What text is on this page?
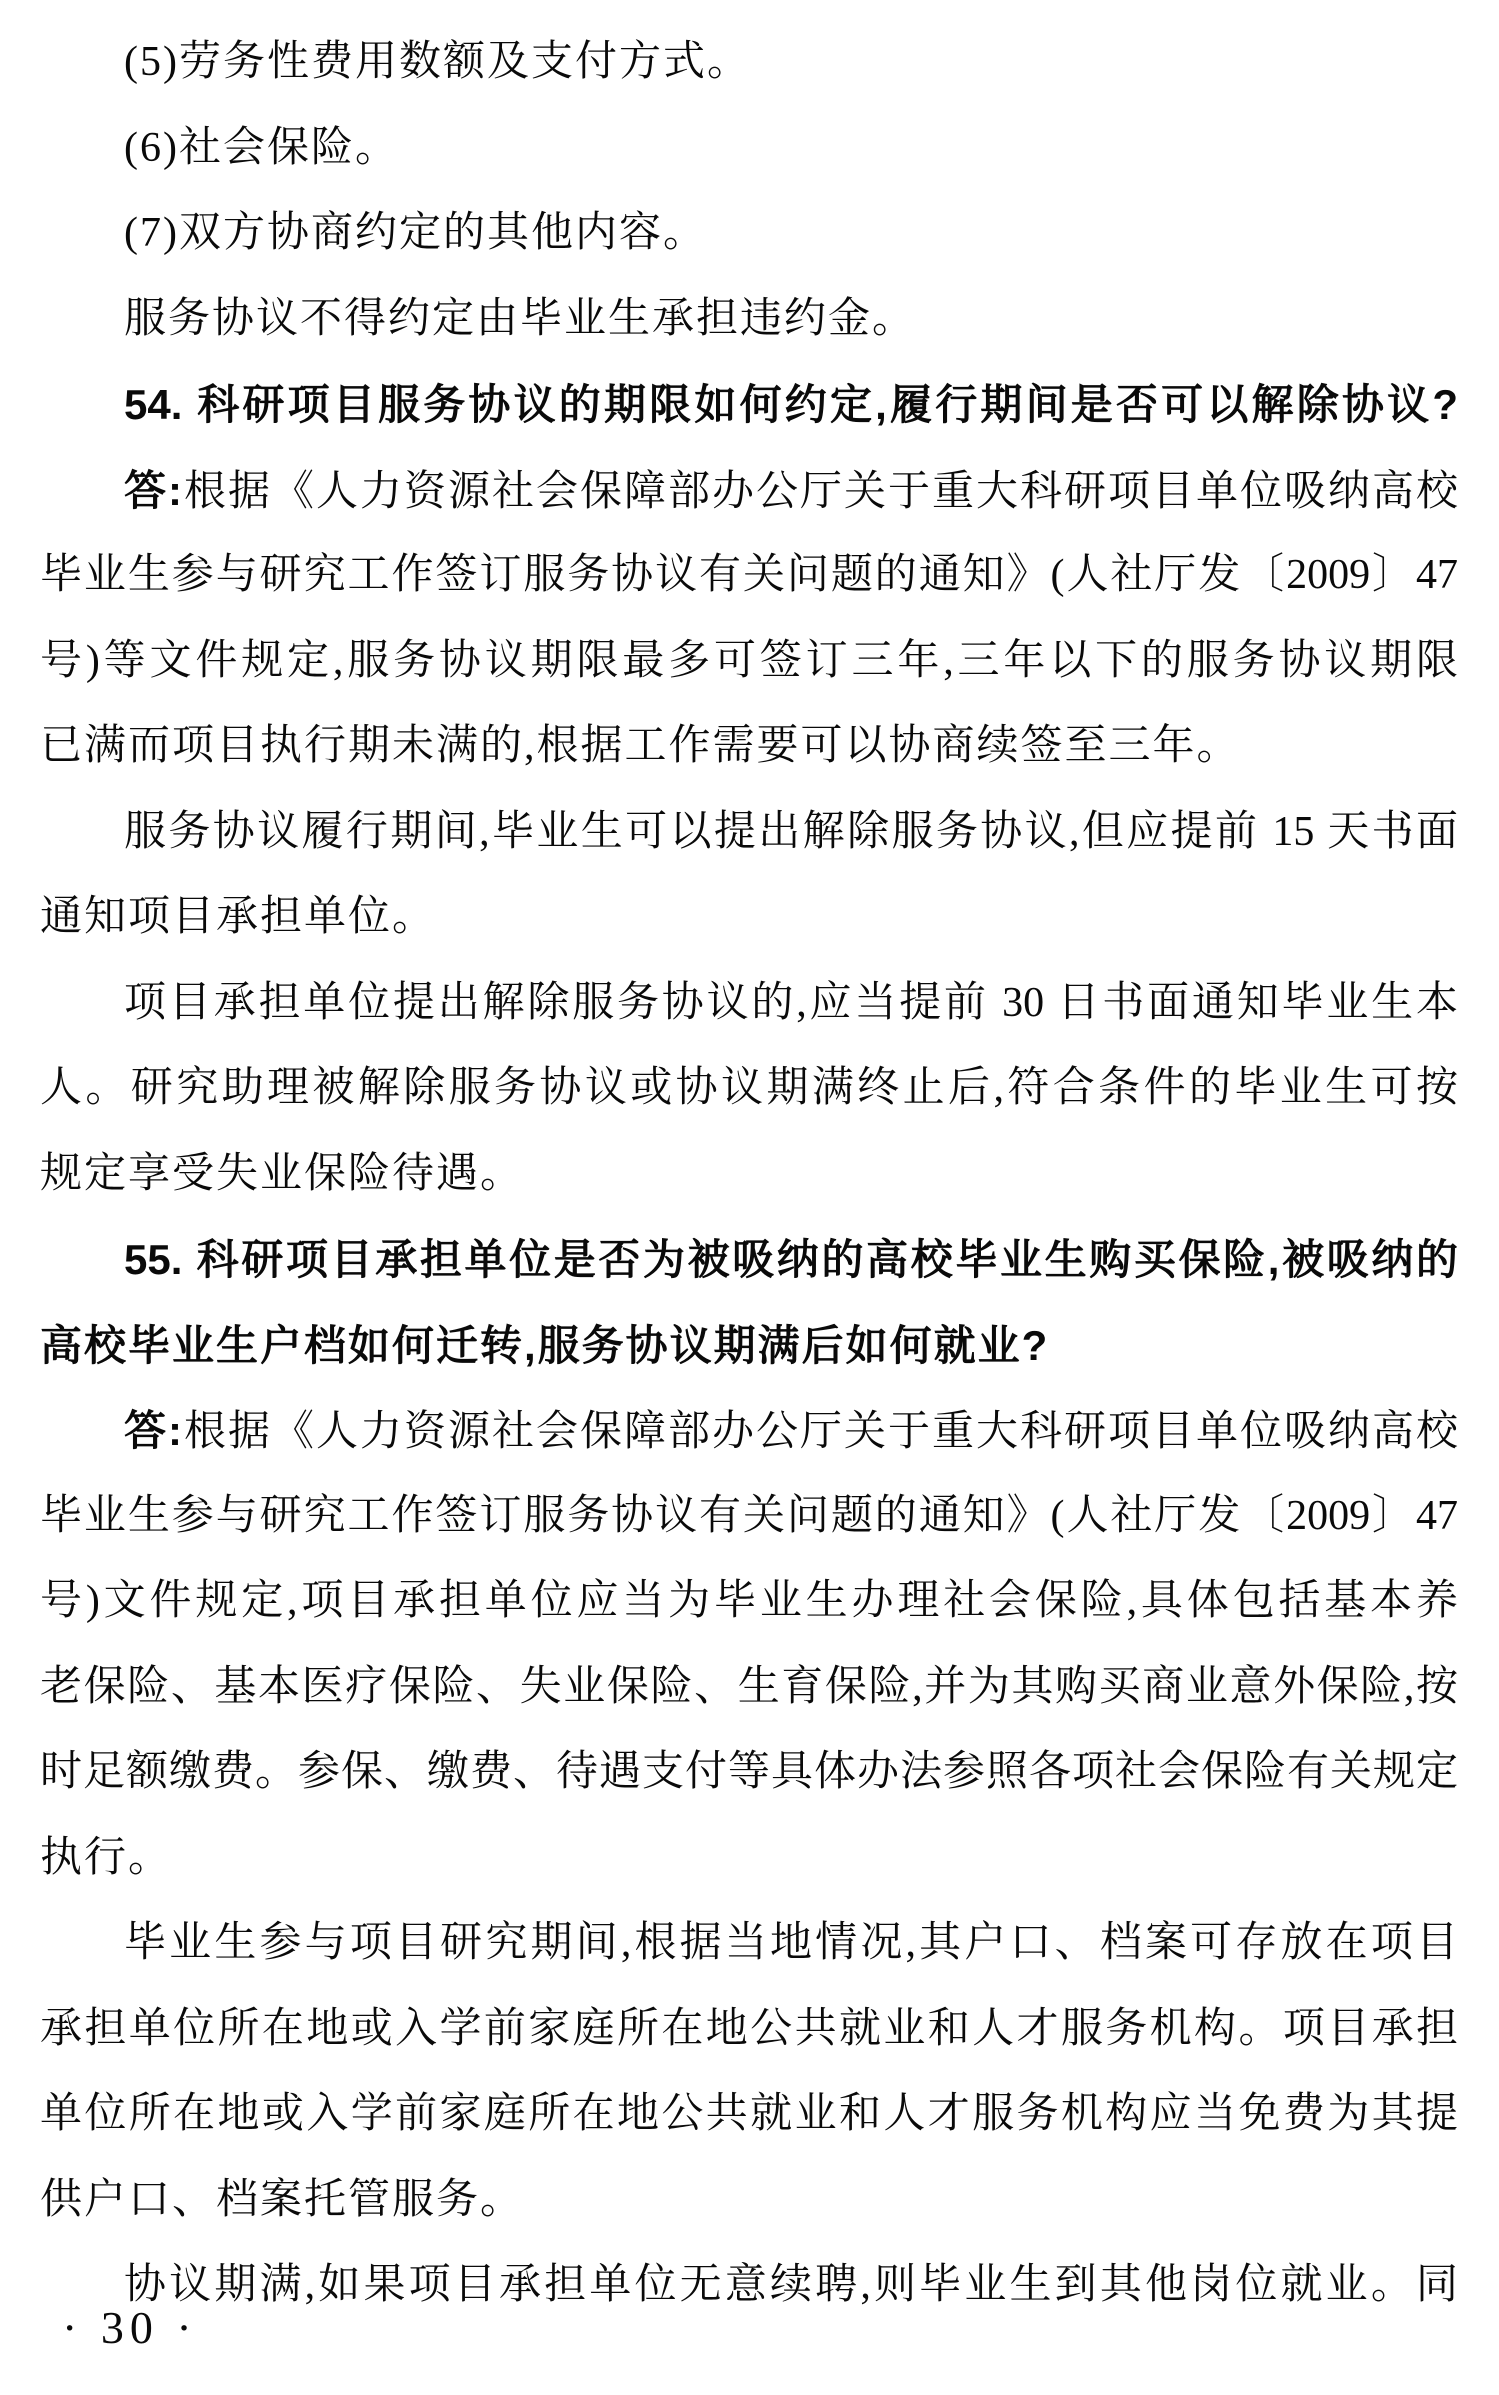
(5)劳务性费用数额及支付方式。
(6)社会保险。
(7)双方协商约定的其他内容。
服务协议不得约定由毕业生承担违约金。
54. 科研项目服务协议的期限如何约定,履行期间是否可以解除协议?
答:根据《人力资源社会保障部办公厅关于重大科研项目单位吸纳高校
毕业生参与研究工作签订服务协议有关问题的通知》(人社厅发〔2009〕47
号)等文件规定,服务协议期限最多可签订三年,三年以下的服务协议期限
已满而项目执行期未满的,根据工作需要可以协商续签至三年。
服务协议履行期间,毕业生可以提出解除服务协议,但应提前 15 天书面
通知项目承担单位。
项目承担单位提出解除服务协议的,应当提前 30 日书面通知毕业生本
人。研究助理被解除服务协议或协议期满终止后,符合条件的毕业生可按
规定享受失业保险待遇。
55. 科研项目承担单位是否为被吸纳的高校毕业生购买保险,被吸纳的
高校毕业生户档如何迁转,服务协议期满后如何就业?
答:根据《人力资源社会保障部办公厅关于重大科研项目单位吸纳高校
毕业生参与研究工作签订服务协议有关问题的通知》(人社厅发〔2009〕47
号)文件规定,项目承担单位应当为毕业生办理社会保险,具体包括基本养
老保险、基本医疗保险、失业保险、生育保险,并为其购买商业意外保险,按
时足额缴费。参保、缴费、待遇支付等具体办法参照各项社会保险有关规定
执行。
毕业生参与项目研究期间,根据当地情况,其户口、档案可存放在项目
承担单位所在地或入学前家庭所在地公共就业和人才服务机构。项目承担
单位所在地或入学前家庭所在地公共就业和人才服务机构应当免费为其提
供户口、档案托管服务。
协议期满,如果项目承担单位无意续聘,则毕业生到其他岗位就业。同
· 30 ·
